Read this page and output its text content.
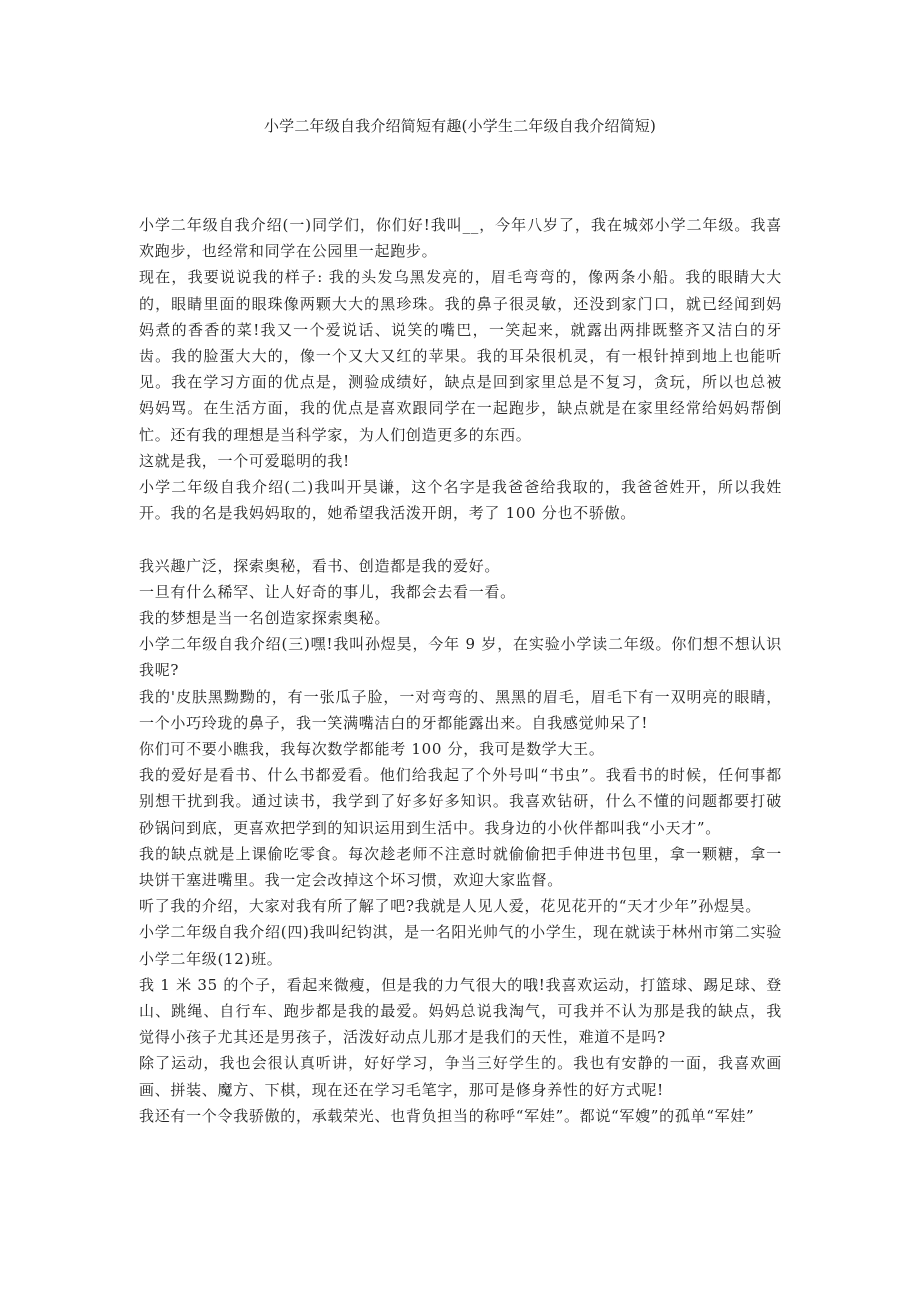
小学二年级自我介绍简短有趣(小学生二年级自我介绍简短)

小学二年级自我介绍(一)同学们，你们好!我叫__，今年八岁了，我在城郊小学二年级。我喜欢跑步，也经常和同学在公园里一起跑步。

现在，我要说说我的样子: 我的头发乌黑发亮的，眉毛弯弯的，像两条小船。我的眼睛大大的，眼睛里面的眼珠像两颗大大的黑珍珠。我的鼻子很灵敏，还没到家门口，就已经闻到妈妈煮的香香的菜!我又一个爱说话、说笑的嘴巴，一笑起来，就露出两排既整齐又洁白的牙齿。我的脸蛋大大的，像一个又大又红的苹果。我的耳朵很机灵，有一根针掉到地上也能听见。我在学习方面的优点是，测验成绩好，缺点是回到家里总是不复习，贪玩，所以也总被妈妈骂。在生活方面，我的优点是喜欢跟同学在一起跑步，缺点就是在家里经常给妈妈帮倒忙。还有我的理想是当科学家，为人们创造更多的东西。

这就是我，一个可爱聪明的我!

小学二年级自我介绍(二)我叫开昊谦，这个名字是我爸爸给我取的，我爸爸姓开，所以我姓开。我的名是我妈妈取的，她希望我活泼开朗，考了 100 分也不骄傲。

我兴趣广泛，探索奥秘，看书、创造都是我的爱好。

一旦有什么稀罕、让人好奇的事儿，我都会去看一看。

我的梦想是当一名创造家探索奥秘。

小学二年级自我介绍(三)嘿!我叫孙煜昊，今年 9 岁，在实验小学读二年级。你们想不想认识我呢?

我的'皮肤黑黝黝的，有一张瓜子脸，一对弯弯的、黑黑的眉毛，眉毛下有一双明亮的眼睛，一个小巧玲珑的鼻子，我一笑满嘴洁白的牙都能露出来。自我感觉帅呆了!

你们可不要小瞧我，我每次数学都能考 100 分，我可是数学大王。

我的爱好是看书、什么书都爱看。他们给我起了个外号叫“书虫”。我看书的时候，任何事都别想干扰到我。通过读书，我学到了好多好多知识。我喜欢钻研，什么不懂的问题都要打破砂锅问到底，更喜欢把学到的知识运用到生活中。我身边的小伙伴都叫我“小天才”。

我的缺点就是上课偷吃零食。每次趁老师不注意时就偷偷把手伸进书包里，拿一颗糖，拿一块饼干塞进嘴里。我一定会改掉这个坏习惯，欢迎大家监督。

听了我的介绍，大家对我有所了解了吧?我就是人见人爱，花见花开的“天才少年”孙煜昊。

小学二年级自我介绍(四)我叫纪钧淇，是一名阳光帅气的小学生，现在就读于林州市第二实验小学二年级(12)班。

我 1 米 35 的个子，看起来微瘦，但是我的力气很大的哦!我喜欢运动，打篮球、踢足球、登山、跳绳、自行车、跑步都是我的最爱。妈妈总说我淘气，可我并不认为那是我的缺点，我觉得小孩子尤其还是男孩子，活泼好动点儿那才是我们的天性，难道不是吗?

除了运动，我也会很认真听讲，好好学习，争当三好学生的。我也有安静的一面，我喜欢画画、拼装、魔方、下棋，现在还在学习毛笔字，那可是修身养性的好方式呢!

我还有一个令我骄傲的，承载荣光、也背负担当的称呼“军娃”。都说“军嫂”的孤单“军娃”
